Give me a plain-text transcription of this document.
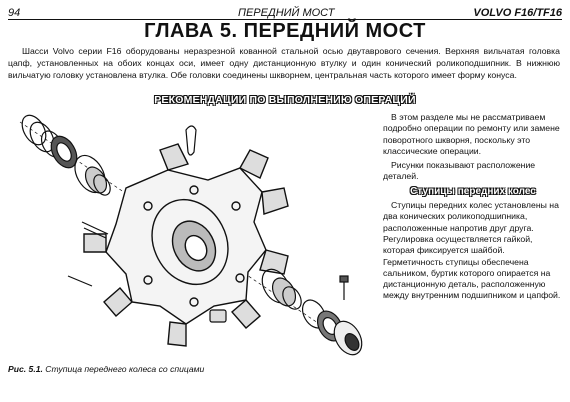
94	ПЕРЕДНИЙ МОСТ	VOLVO F16/TF16
ГЛАВА 5. ПЕРЕДНИЙ МОСТ

Шасси Volvo серии F16 оборудованы неразрезной кованной стальной осью двутаврового сечения. Верхняя вильчатая головка цапф, установленных на обоих концах оси, имеет одну дистанционную втулку и один конический роликоподшипник. В нижнюю вильчатую головку установлена втулка. Обе головки соединены шкворнем, центральная часть которого имеет форму конуса.

РЕКОМЕНДАЦИИ ПО ВЫПОЛНЕНИЮ ОПЕРАЦИЙ
Рис. 5.1. Ступица переднего колеса со спицами

В этом разделе мы не рассматриваем подробно операции по ремонту или замене поворотного шкворня, поскольку это классические операции.

Рисунки показывают расположение деталей.

Ступицы передних колес

Ступицы передних колес установлены на два конических роликоподшипника, расположенные напротив друг друга. Регулировка осуществляется гайкой, которая фиксируется шайбой. Герметичность ступицы обеспечена сальником, буртик которого опирается на дистанционную деталь, расположенную между внутренним подшипником и цапфой.
